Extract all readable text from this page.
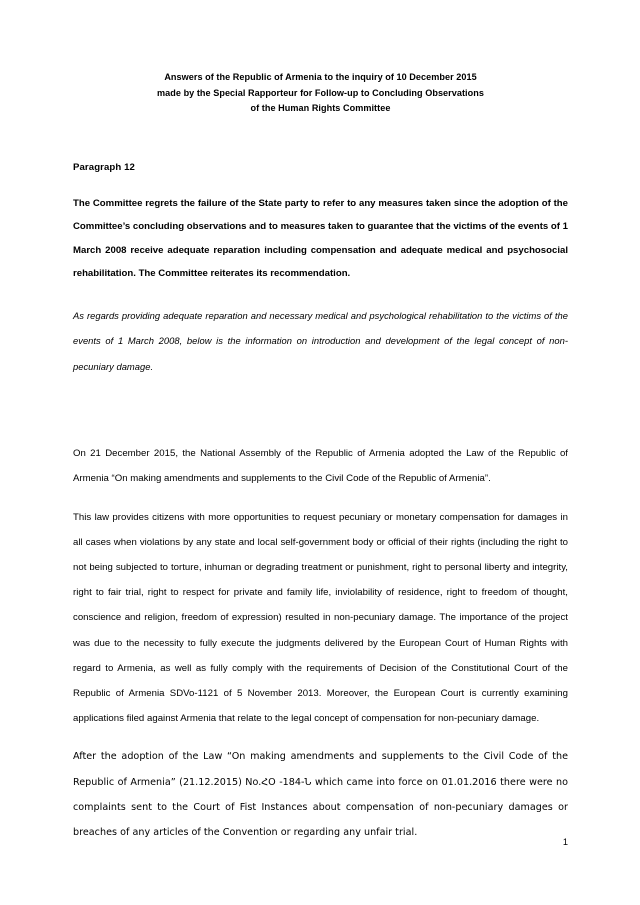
Answers of the Republic of Armenia to the inquiry of 10 December 2015
made by the Special Rapporteur for Follow-up to Concluding Observations
of the Human Rights Committee
Paragraph 12

The Committee regrets the failure of the State party to refer to any measures taken since the adoption of the Committee’s concluding observations and to measures taken to guarantee that the victims of the events of 1 March 2008 receive adequate reparation including compensation and adequate medical and psychosocial rehabilitation. The Committee reiterates its recommendation.

As regards providing adequate reparation and necessary medical and psychological rehabilitation to the victims of the events of 1 March 2008, below is the information on introduction and development of the legal concept of non-pecuniary damage.

On 21 December 2015, the National Assembly of the Republic of Armenia adopted the Law of the Republic of Armenia “On making amendments and supplements to the Civil Code of the Republic of Armenia”.

This law provides citizens with more opportunities to request pecuniary or monetary compensation for damages in all cases when violations by any state and local self-government body or official of their rights (including the right to not being subjected to torture, inhuman or degrading treatment or punishment, right to personal liberty and integrity, right to fair trial, right to respect for private and family life, inviolability of residence, right to freedom of thought, conscience and religion, freedom of expression) resulted in non-pecuniary damage. The importance of the project was due to the necessity to fully execute the judgments delivered by the European Court of Human Rights with regard to Armenia, as well as fully comply with the requirements of Decision of the Constitutional Court of the Republic of Armenia SDVo-1121 of 5 November 2013. Moreover, the European Court is currently examining applications filed against Armenia that relate to the legal concept of compensation for non-pecuniary damage.

After the adoption of the Law “On making amendments and supplements to the Civil Code of the Republic of Armenia” (21.12.2015) No.ՀՕ -184-Ն which came into force on 01.01.2016 there were no complaints sent to the Court of Fist Instances about compensation of non-pecuniary damages or breaches of any articles of the Convention or regarding any unfair trial.

1
